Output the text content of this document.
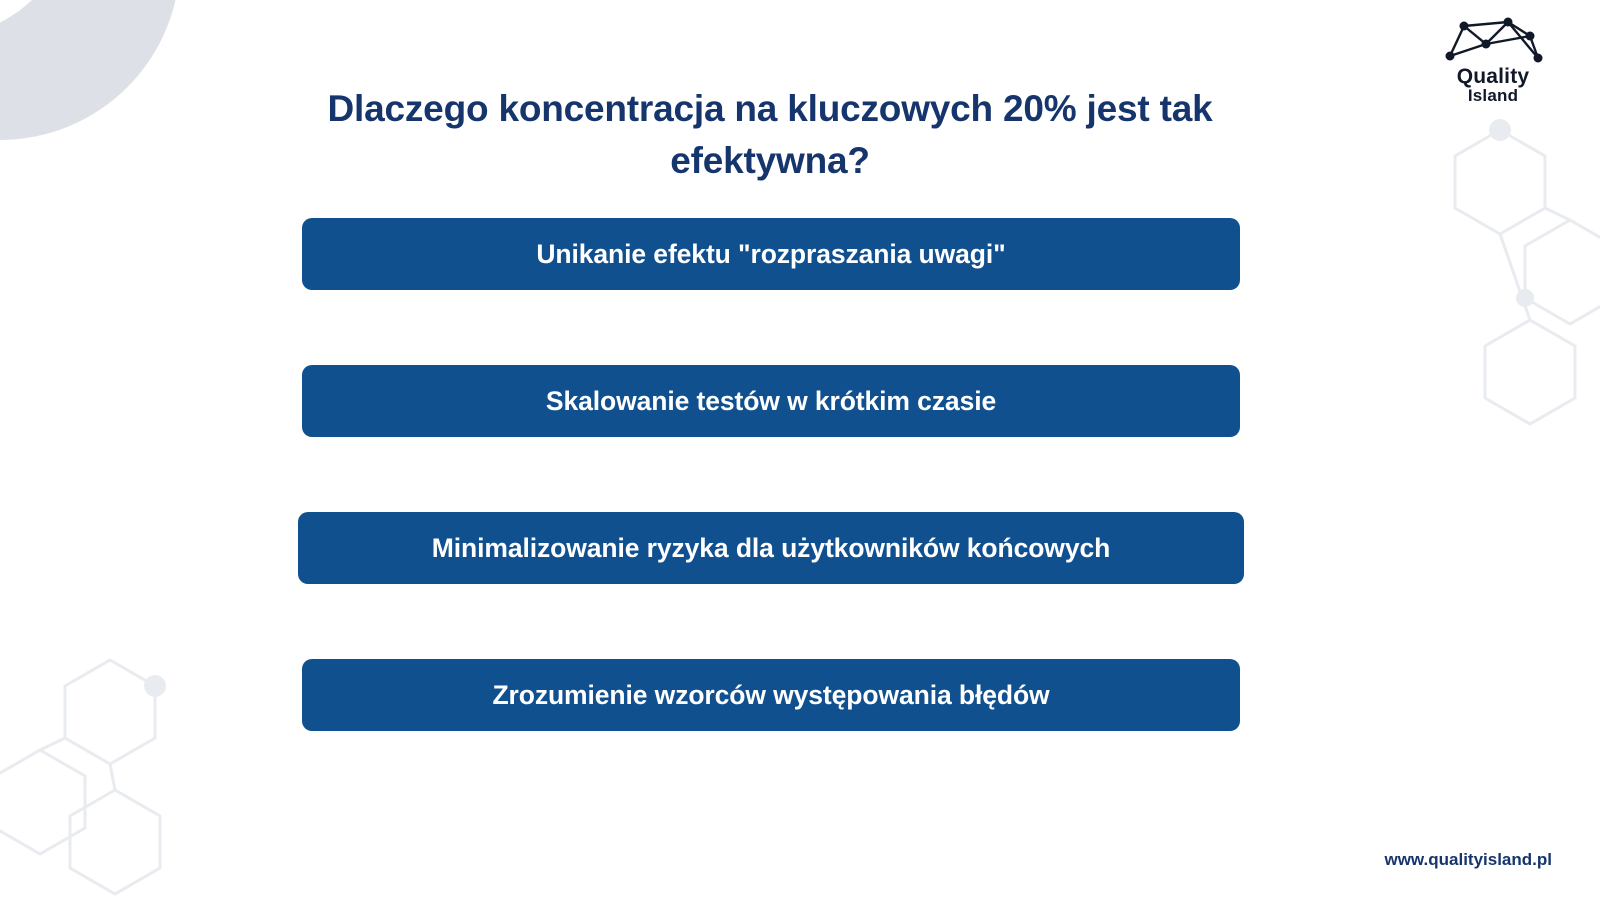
Quality
Island
Dlaczego koncentracja na kluczowych 20% jest tak efektywna?
Unikanie efektu "rozpraszania uwagi"
Skalowanie testów w krótkim czasie
Minimalizowanie ryzyka dla użytkowników końcowych
Zrozumienie wzorców występowania błędów
www.qualityisland.pl
